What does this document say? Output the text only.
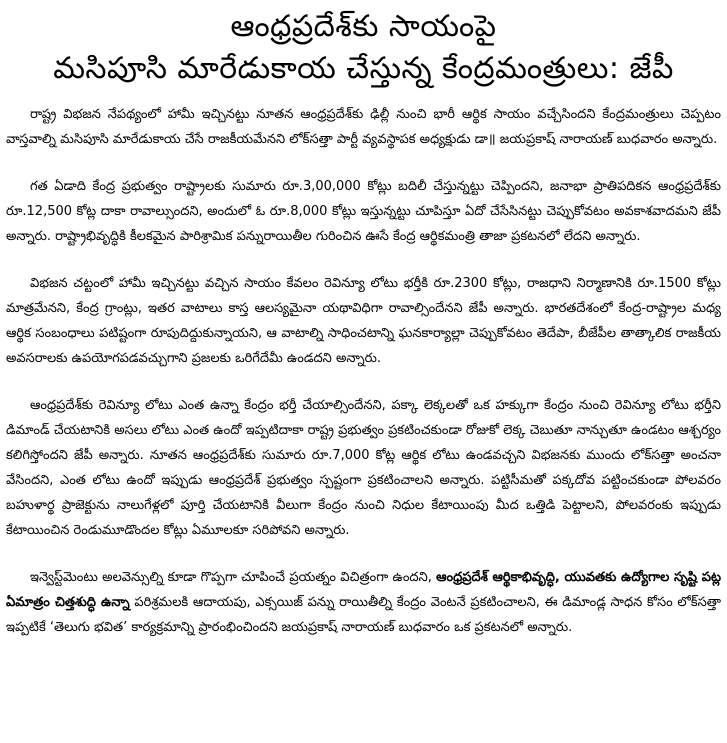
ఆంధ్రప్రదేశ్‌కు సాయంపై
మసిపూసి మారేడుకాయ చేస్తున్న కేంద్రమంత్రులు: జేపీ

రాష్ట్ర విభజన నేపథ్యంలో హామీ ఇచ్చినట్టు నూతన ఆంధ్రప్రదేశ్‌కు ఢిల్లీ నుంచి భారీ ఆర్థిక సాయం వచ్చేసిందని కేంద్రమంత్రులు చెప్పటం వాస్తవాల్ని మసిపూసి మారేడుకాయ చేసే రాజకీయమేనని లోక్‌సత్తా పార్టీ వ్యవస్థాపక అధ్యక్షుడు డా॥ జయప్రకాష్ నారాయణ్ బుధవారం అన్నారు.

గత ఏడాది కేంద్ర ప్రభుత్వం రాష్ట్రాలకు సుమారు రూ.3,00,000 కోట్లు బదిలీ చేస్తున్నట్టు చెప్పిందని, జనాభా ప్రాతిపదికన ఆంధ్రప్రదేశ్‌కు రూ.12,500 కోట్ల దాకా రావాల్సుందని, అందులో ఓ రూ.8,000 కోట్లు ఇస్తున్నట్టు చూపిస్తూ ఏదో చేసేసినట్టు చెప్పుకోవటం అవకాశవాదమని జేపీ అన్నారు. రాష్ట్రాభివృద్ధికి కీలకమైన పారిశ్రామిక పన్నురాయితీల గురించిన ఊసే కేంద్ర ఆర్థికమంత్రి తాజా ప్రకటనలో లేదని అన్నారు.

విభజన చట్టంలో హామీ ఇచ్చినట్టు వచ్చిన సాయం కేవలం రెవిన్యూ లోటు భర్తీకి రూ.2300 కోట్లు, రాజధాని నిర్మాణానికి రూ.1500 కోట్లు మాత్రమేనని, కేంద్ర గ్రాంట్లు, ఇతర వాటాలు కాస్త ఆలస్యమైనా యథావిధిగా రావాల్సిందేనని జేపీ అన్నారు. భారతదేశంలో కేంద్ర-రాష్ట్రాల మధ్య ఆర్థిక సంబంధాలు పటిష్టంగా రూపుదిద్దుకున్నాయని, ఆ వాటాల్ని సాధించటాన్ని ఘనకార్యాల్లా చెప్పుకోవటం తెదేపా, బీజేపీల తాత్కాలిక రాజకీయ అవసరాలకు ఉపయోగపడవచ్చుగాని ప్రజలకు ఒరిగేదేమీ ఉండదని అన్నారు.

ఆంధ్రప్రదేశ్‌కు రెవిన్యూ లోటు ఎంత ఉన్నా కేంద్రం భర్తీ చేయాల్సిందేనని, పక్కా లెక్కలతో ఒక హక్కుగా కేంద్రం నుంచి రెవిన్యూ లోటు భర్తీని డిమాండ్ చేయటానికి అసలు లోటు ఎంత ఉందో ఇప్పటిదాకా రాష్ట్ర ప్రభుత్వం ప్రకటించకుండా రోజుకో లెక్క చెబుతూ నాన్చుతూ ఉండటం ఆశ్చర్యం కలిగిస్తోందని జేపీ అన్నారు. నూతన ఆంధ్రప్రదేశ్‌కు సుమారు రూ.7,000 కోట్ల ఆర్థిక లోటు ఉండవచ్చని విభజనకు ముందు లోక్‌సత్తా అంచనా వేసిందని, ఎంత లోటు ఉందో ఇప్పుడు ఆంధ్రప్రదేశ్ ప్రభుత్వం స్పష్టంగా ప్రకటించాలని అన్నారు. పట్టిసీమతో పక్కదోవ పట్టించకుండా పోలవరం బహుళార్థ ప్రాజెక్టును నాలుగేళ్లలో పూర్తి చేయటానికి వీలుగా కేంద్రం నుంచి నిధుల కేటాయింపు మీద ఒత్తిడి పెట్టాలని, పోలవరంకు ఇప్పుడు కేటాయించిన రెండుమూడొందల కోట్లు ఏమూలకూ సరిపోవని అన్నారు.

ఇన్వెస్ట్‌మెంటు అలవెన్సుల్ని కూడా గొప్పగా చూపించే ప్రయత్నం విచిత్రంగా ఉందని, ఆంధ్రప్రదేశ్ ఆర్థికాభివృద్ధి, యువతకు ఉద్యోగాల సృష్టి పట్ల ఏమాత్రం చిత్తశుద్ధి ఉన్నా పరిశ్రమలకి ఆదాయపు, ఎక్సయిజ్ పన్ను రాయితీల్ని కేంద్రం వెంటనే ప్రకటించాలని, ఈ డిమాండ్ల సాధన కోసం లోక్‌సత్తా ఇప్పటికే ‘తెలుగు భవిత’ కార్యక్రమాన్ని ప్రారంభించిందని జయప్రకాష్ నారాయణ్ బుధవారం ఒక ప్రకటనలో అన్నారు.
